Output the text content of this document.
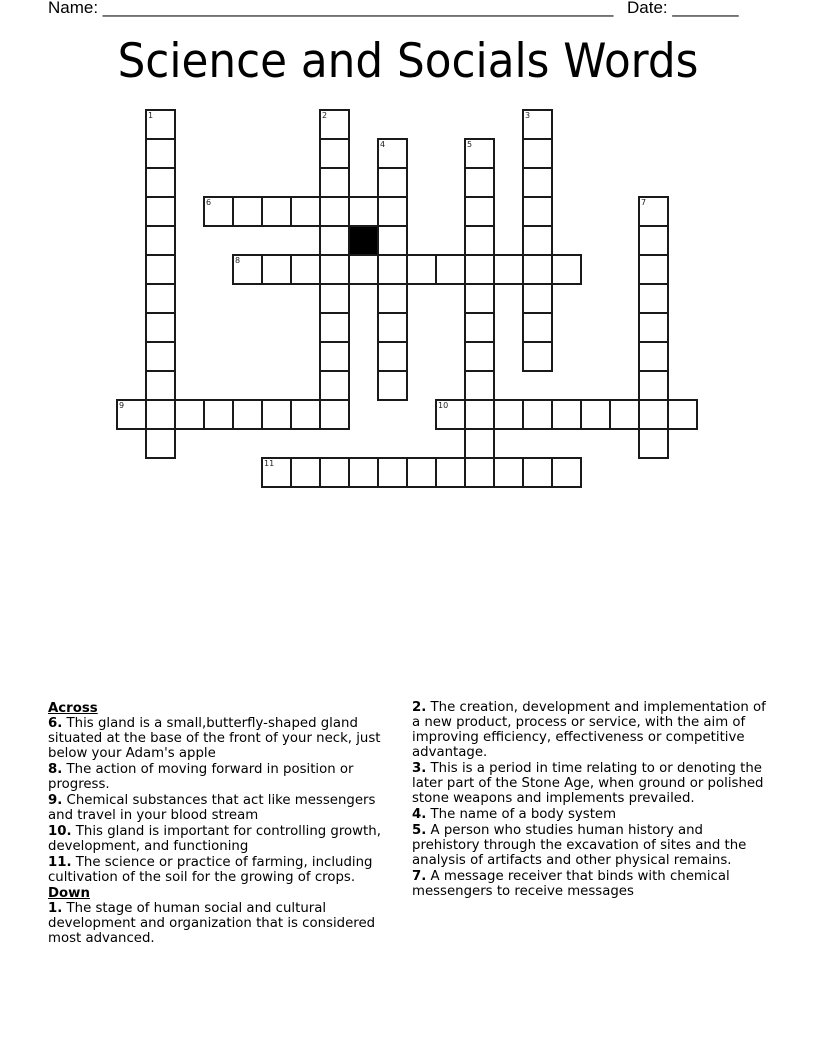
Name: ______________________________________________________ Date: _______
Science and Socials Words
1	2	3
4	5
6	7
8
9	10
11
Across
6. This gland is a small,butterfly-shaped gland situated at the base of the front of your neck, just below your Adam's apple
8. The action of moving forward in position or progress.
9. Chemical substances that act like messengers and travel in your blood stream
10. This gland is important for controlling growth, development, and functioning
11. The science or practice of farming, including cultivation of the soil for the growing of crops.
Down
1. The stage of human social and cultural development and organization that is considered most advanced.
2. The creation, development and implementation of a new product, process or service, with the aim of improving efficiency, effectiveness or competitive advantage.
3. This is a period in time relating to or denoting the later part of the Stone Age, when ground or polished stone weapons and implements prevailed.
4. The name of a body system
5. A person who studies human history and prehistory through the excavation of sites and the analysis of artifacts and other physical remains.
7. A message receiver that binds with chemical messengers to receive messages
